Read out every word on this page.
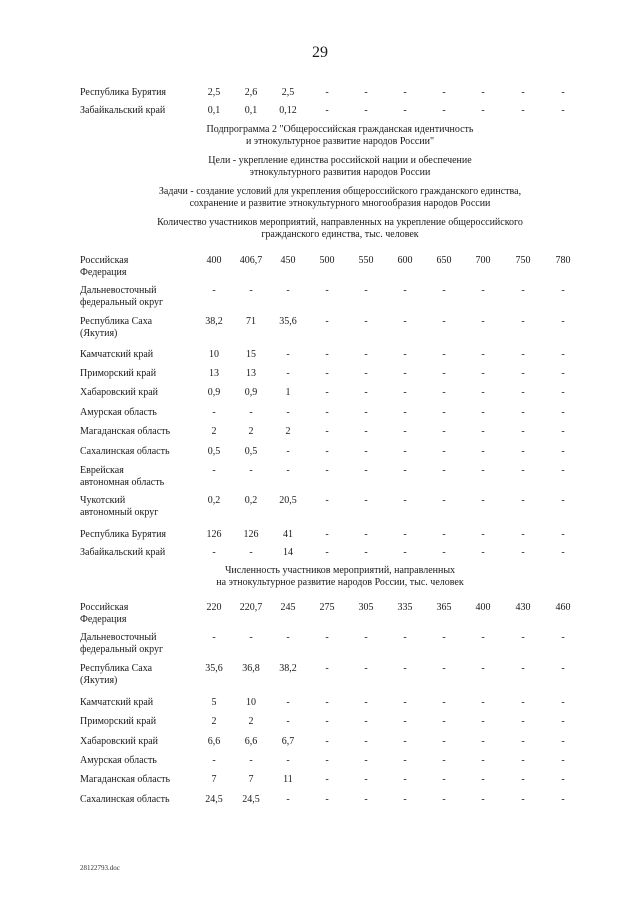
29
Республика Бурятия	2,5	2,6	2,5	-	-	-	-	-	-	-
Забайкальский край	0,1	0,1	0,12	-	-	-	-	-	-	-
Подпрограмма 2 "Общероссийская гражданская идентичность
и этнокультурное развитие народов России"
Цели - укрепление единства российской нации и обеспечение
этнокультурного развития народов России
Задачи - создание условий для укрепления общероссийского гражданского единства,
сохранение и развитие этнокультурного многообразия народов России
Количество участников мероприятий, направленных на укрепление общероссийского
гражданского единства, тыс. человек
Российская
Федерация
400	406,7	450	500	550	600	650	700	750	780
Дальневосточный
федеральный округ
-	-	-	-	-	-	-	-	-	-
Республика Саха
(Якутия)
38,2	71	35,6	-	-	-	-	-	-	-
Камчатский край	10	15	-	-	-	-	-	-	-	-
Приморский край	13	13	-	-	-	-	-	-	-	-
Хабаровский край	0,9	0,9	1	-	-	-	-	-	-	-
Амурская область	-	-	-	-	-	-	-	-	-	-
Магаданская область	2	2	2	-	-	-	-	-	-	-
Сахалинская область	0,5	0,5	-	-	-	-	-	-	-	-
Еврейская
автономная область
-	-	-	-	-	-	-	-	-	-
Чукотский
автономный округ
0,2	0,2	20,5	-	-	-	-	-	-	-
Республика Бурятия	126	126	41	-	-	-	-	-	-	-
Забайкальский край	-	-	14	-	-	-	-	-	-	-
Численность участников мероприятий, направленных
на этнокультурное развитие народов России, тыс. человек
Российская
Федерация
220	220,7	245	275	305	335	365	400	430	460
Дальневосточный
федеральный округ
-	-	-	-	-	-	-	-	-	-
Республика Саха
(Якутия)
35,6	36,8	38,2	-	-	-	-	-	-	-
Камчатский край	5	10	-	-	-	-	-	-	-	-
Приморский край	2	2	-	-	-	-	-	-	-	-
Хабаровский край	6,6	6,6	6,7	-	-	-	-	-	-	-
Амурская область	-	-	-	-	-	-	-	-	-	-
Магаданская область	7	7	11	-	-	-	-	-	-	-
Сахалинская область	24,5	24,5	-	-	-	-	-	-	-	-
28122793.doc
